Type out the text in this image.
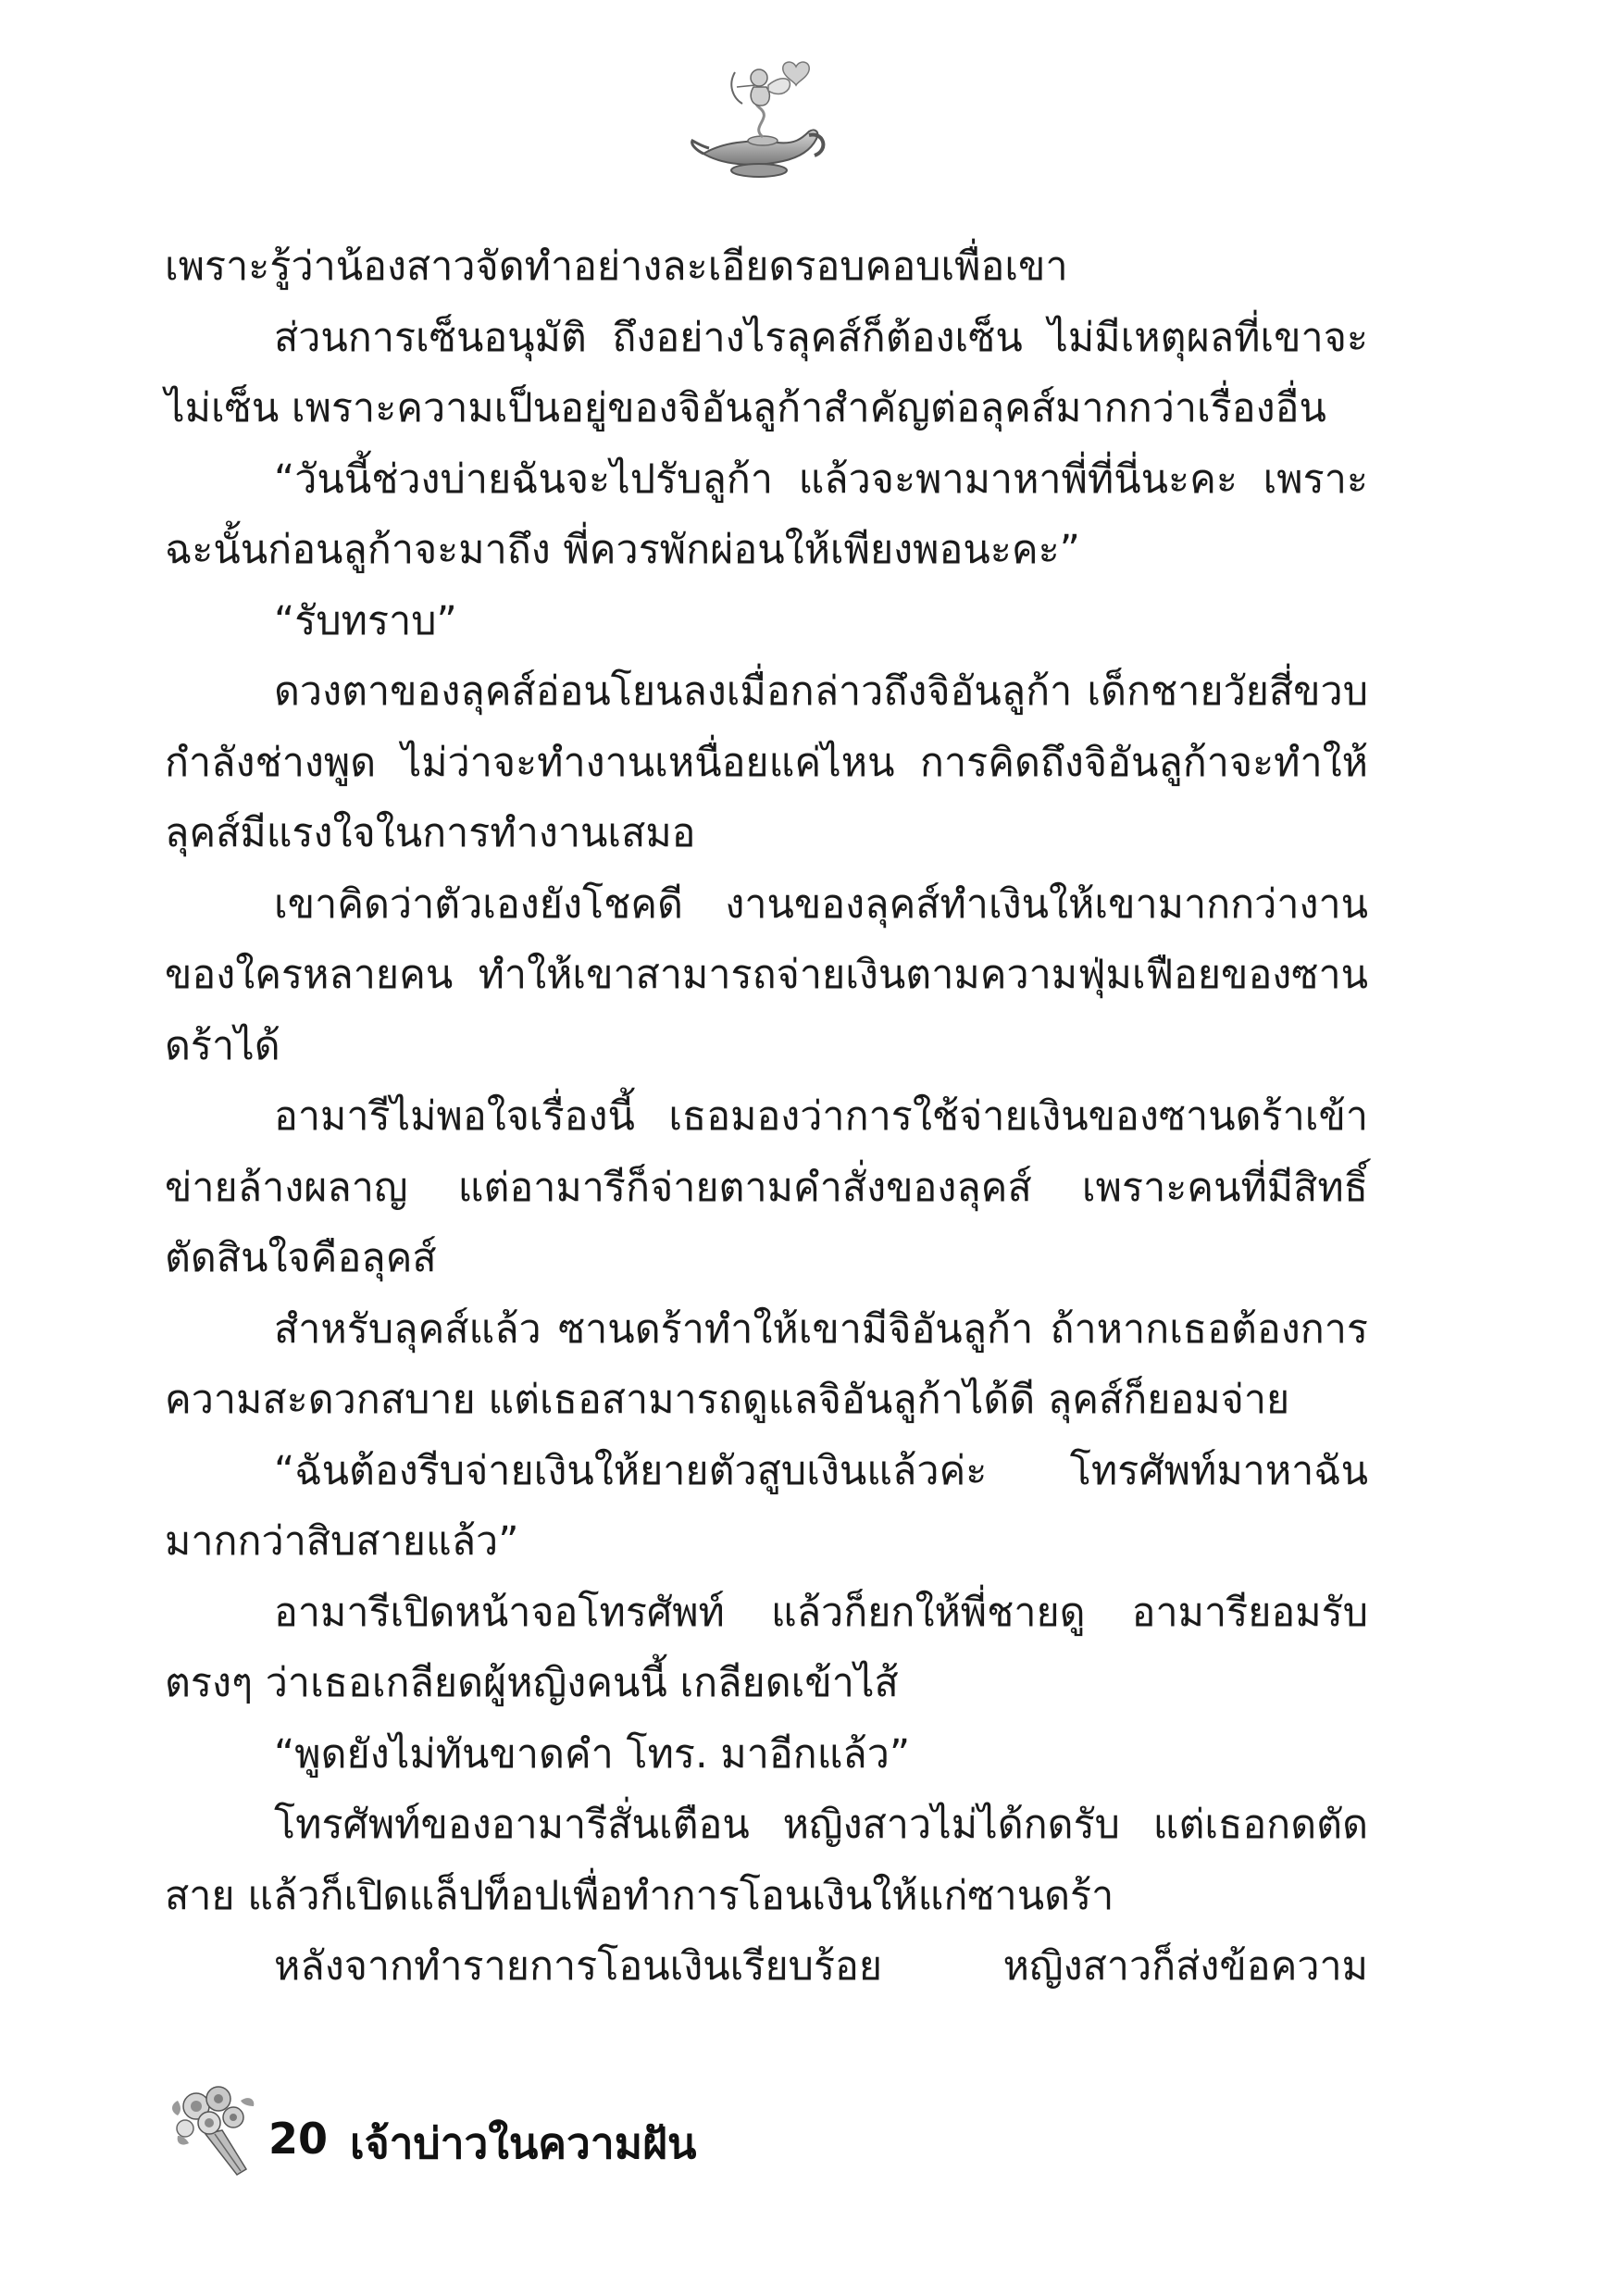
เพราะรู้ว่าน้องสาวจัดทำอย่างละเอียดรอบคอบเพื่อเขา

ส่วนการเซ็นอนุมัติ ถึงอย่างไรลุคส์ก็ต้องเซ็น ไม่มีเหตุผลที่เขาจะไม่เซ็น เพราะความเป็นอยู่ของจิอันลูก้าสำคัญต่อลุคส์มากกว่าเรื่องอื่น

“วันนี้ช่วงบ่ายฉันจะไปรับลูก้า แล้วจะพามาหาพี่ที่นี่นะคะ เพราะฉะนั้นก่อนลูก้าจะมาถึง พี่ควรพักผ่อนให้เพียงพอนะคะ”

“รับทราบ”

ดวงตาของลุคส์อ่อนโยนลงเมื่อกล่าวถึงจิอันลูก้า เด็กชายวัยสี่ขวบกำลังช่างพูด ไม่ว่าจะทำงานเหนื่อยแค่ไหน การคิดถึงจิอันลูก้าจะทำให้ลุคส์มีแรงใจในการทำงานเสมอ

เขาคิดว่าตัวเองยังโชคดี งานของลุคส์ทำเงินให้เขามากกว่างานของใครหลายคน ทำให้เขาสามารถจ่ายเงินตามความฟุ่มเฟือยของซานดร้าได้

อามารีไม่พอใจเรื่องนี้ เธอมองว่าการใช้จ่ายเงินของซานดร้าเข้าข่ายล้างผลาญ แต่อามารีก็จ่ายตามคำสั่งของลุคส์ เพราะคนที่มีสิทธิ์ตัดสินใจคือลุคส์

สำหรับลุคส์แล้ว ซานดร้าทำให้เขามีจิอันลูก้า ถ้าหากเธอต้องการความสะดวกสบาย แต่เธอสามารถดูแลจิอันลูก้าได้ดี ลุคส์ก็ยอมจ่าย

“ฉันต้องรีบจ่ายเงินให้ยายตัวสูบเงินแล้วค่ะ โทรศัพท์มาหาฉันมากกว่าสิบสายแล้ว”

อามารีเปิดหน้าจอโทรศัพท์ แล้วก็ยกให้พี่ชายดู อามารียอมรับตรงๆ ว่าเธอเกลียดผู้หญิงคนนี้ เกลียดเข้าไส้

“พูดยังไม่ทันขาดคำ โทร. มาอีกแล้ว”

โทรศัพท์ของอามารีสั่นเตือน หญิงสาวไม่ได้กดรับ แต่เธอกดตัดสาย แล้วก็เปิดแล็ปท็อปเพื่อทำการโอนเงินให้แก่ซานดร้า

หลังจากทำรายการโอนเงินเรียบร้อย หญิงสาวก็ส่งข้อความ

20 เจ้าบ่าวในความฝัน
